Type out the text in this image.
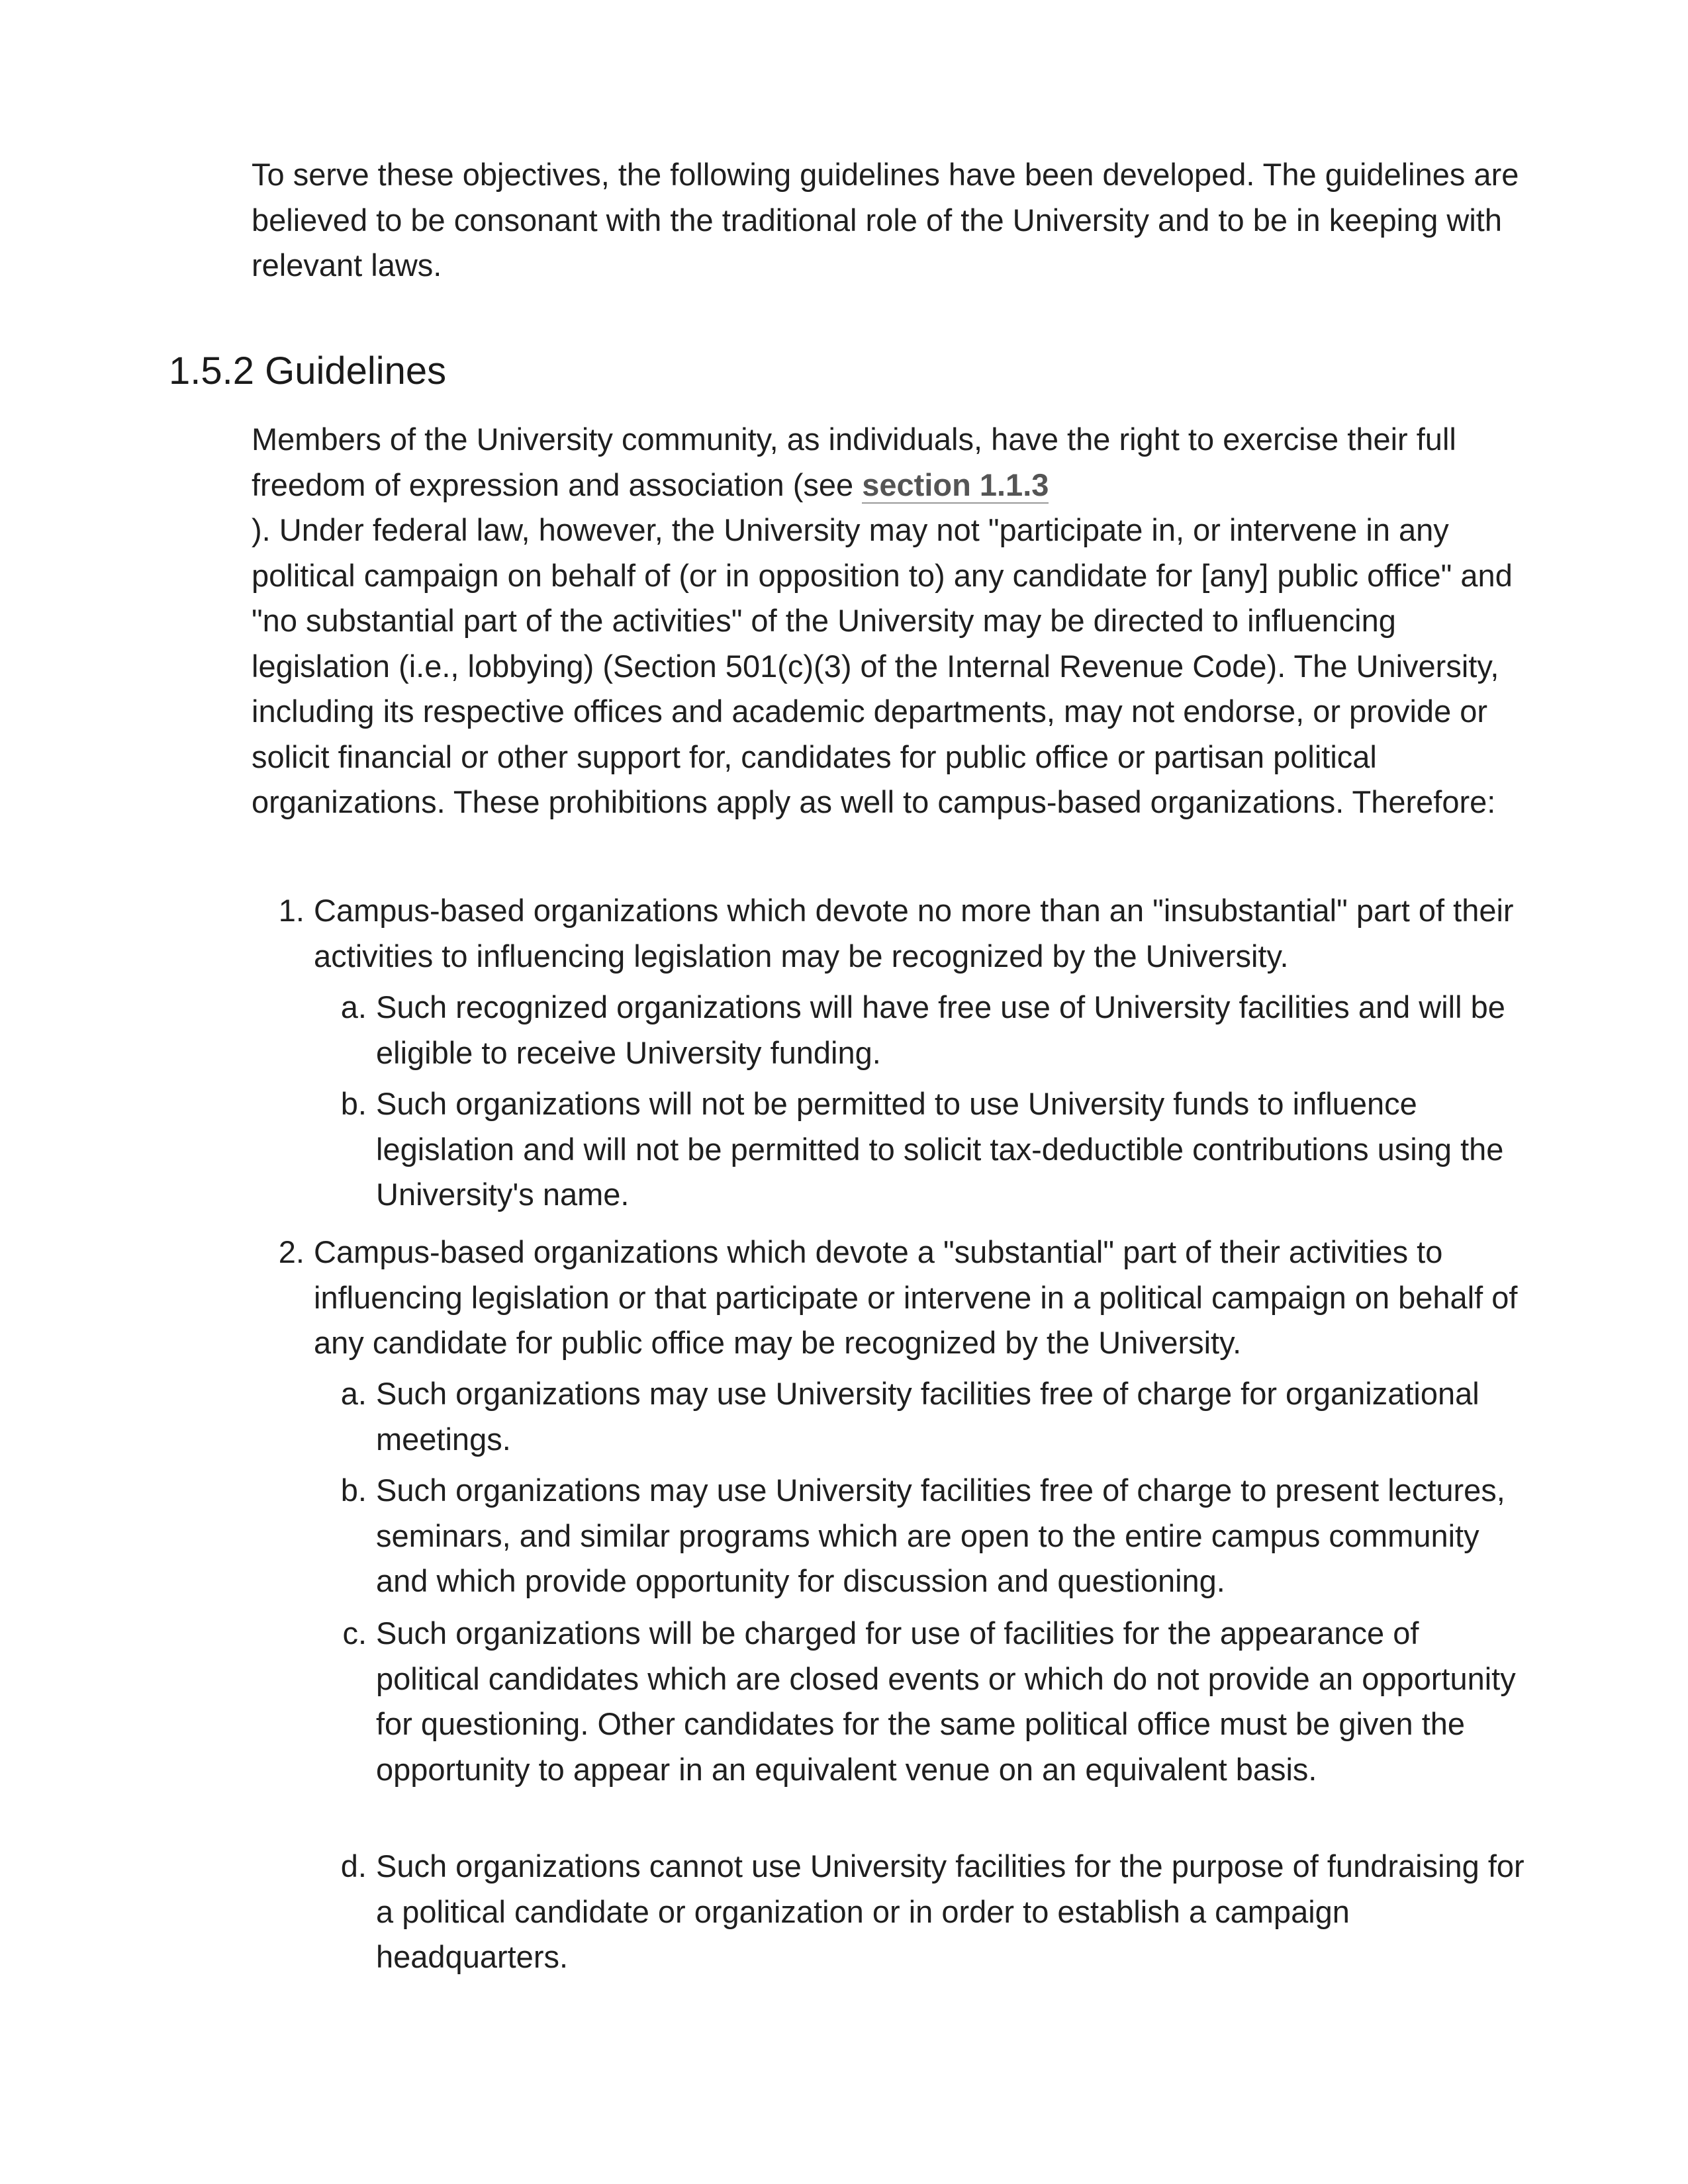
To serve these objectives, the following guidelines have been developed. The guidelines are believed to be consonant with the traditional role of the University and to be in keeping with relevant laws.

1.5.2 Guidelines

Members of the University community, as individuals, have the right to exercise their full freedom of expression and association (see section 1.1.3
). Under federal law, however, the University may not "participate in, or intervene in any political campaign on behalf of (or in opposition to) any candidate for [any] public office" and "no substantial part of the activities" of the University may be directed to influencing legislation (i.e., lobbying) (Section 501(c)(3) of the Internal Revenue Code). The University, including its respective offices and academic departments, may not endorse, or provide or solicit financial or other support for, candidates for public office or partisan political organizations. These prohibitions apply as well to campus-based organizations. Therefore:

1. Campus-based organizations which devote no more than an "insubstantial" part of their activities to influencing legislation may be recognized by the University.
a. Such recognized organizations will have free use of University facilities and will be eligible to receive University funding.
b. Such organizations will not be permitted to use University funds to influence legislation and will not be permitted to solicit tax-deductible contributions using the University's name.
2. Campus-based organizations which devote a "substantial" part of their activities to influencing legislation or that participate or intervene in a political campaign on behalf of any candidate for public office may be recognized by the University.
a. Such organizations may use University facilities free of charge for organizational meetings.
b. Such organizations may use University facilities free of charge to present lectures, seminars, and similar programs which are open to the entire campus community and which provide opportunity for discussion and questioning.
c. Such organizations will be charged for use of facilities for the appearance of political candidates which are closed events or which do not provide an opportunity for questioning. Other candidates for the same political office must be given the opportunity to appear in an equivalent venue on an equivalent basis.
d. Such organizations cannot use University facilities for the purpose of fundraising for a political candidate or organization or in order to establish a campaign headquarters.
